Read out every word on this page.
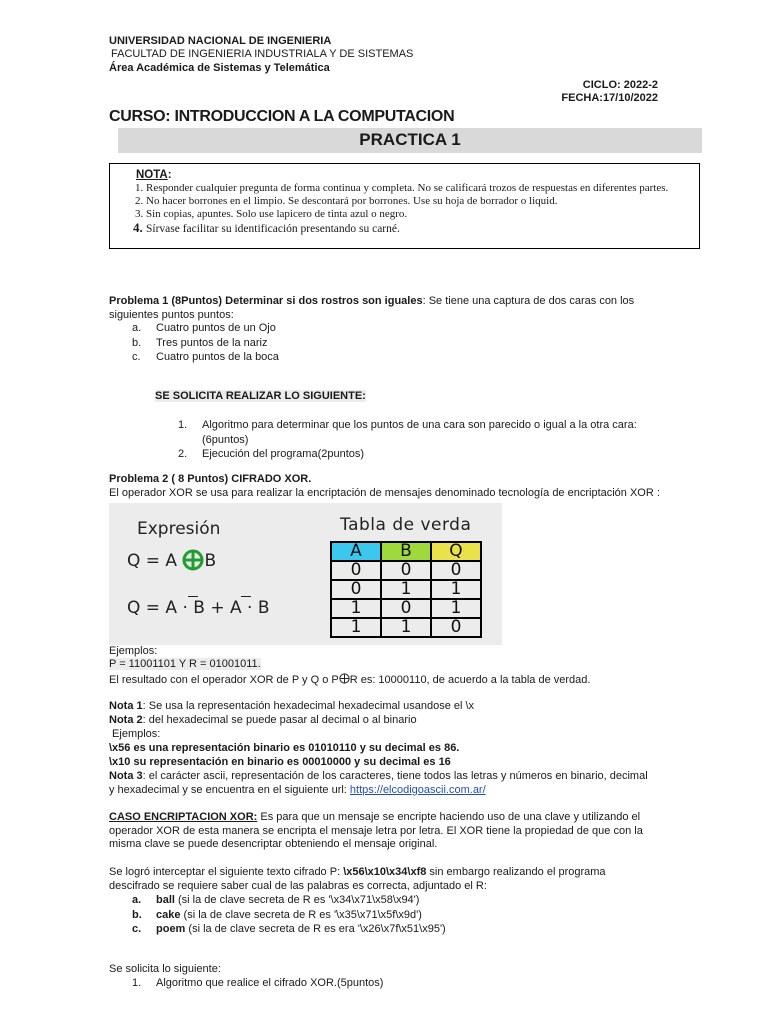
UNIVERSIDAD NACIONAL DE INGENIERIA
FACULTAD DE INGENIERIA INDUSTRIALA Y DE SISTEMAS
Área Académica de Sistemas y Telemática
CICLO: 2022-2
FECHA:17/10/2022
CURSO: INTRODUCCION A LA COMPUTACION
PRACTICA 1
NOTA:
1. Responder cualquier pregunta de forma continua y completa. No se calificará trozos de respuestas en diferentes partes.
2. No hacer borrones en el limpio. Se descontará por borrones. Use su hoja de borrador o liquid.
3. Sin copias, apuntes. Solo use lapicero de tinta azul o negro.
4. Sírvase facilitar su identificación presentando su carné.
Problema 1 (8Puntos) Determinar si dos rostros son iguales: Se tiene una captura de dos caras con los siguientes puntos puntos:
a. Cuatro puntos de un Ojo
b. Tres puntos de la nariz
c. Cuatro puntos de la boca
SE SOLICITA REALIZAR LO SIGUIENTE:
1.	Algoritmo para determinar que los puntos de una cara son parecido o igual a la otra cara: (6puntos)
2.	Ejecución del programa(2puntos)
Problema 2 ( 8 Puntos) CIFRADO XOR.
El operador XOR se usa para realizar la encriptación de mensajes denominado tecnología de encriptación XOR :
Expresión
Q = A B
Q = A · B + A · B
Tabla de verda
A	B	Q
0	0	0
0	1	1
1	0	1
1	1	0
Ejemplos:
P = 11001101 Y R = 01001011.
El resultado con el operador XOR de P y Q o P R es: 10000110, de acuerdo a la tabla de verdad.
Nota 1: Se usa la representación hexadecimal hexadecimal usandose el \x
Nota 2: del hexadecimal se puede pasar al decimal o al binario
Ejemplos:
\x56 es una representación binario es 01010110 y su decimal es 86.
\x10 su representación en binario es 00010000 y su decimal es 16
Nota 3: el carácter ascii, representación de los caracteres, tiene todos las letras y números en binario, decimal y hexadecimal y se encuentra en el siguiente url: https://elcodigoascii.com.ar/
CASO ENCRIPTACION XOR: Es para que un mensaje se encripte haciendo uso de una clave y utilizando el operador XOR de esta manera se encripta el mensaje letra por letra. El XOR tiene la propiedad de que con la misma clave se puede desencriptar obteniendo el mensaje original.
Se logró interceptar el siguiente texto cifrado P: \x56\x10\x34\xf8 sin embargo realizando el programa descifrado se requiere saber cual de las palabras es correcta, adjuntado el R:
a. ball (si la de clave secreta de R es '\x34\x71\x58\x94')
b. cake (si la de clave secreta de R es '\x35\x71\x5f\x9d')
c. poem (si la de clave secreta de R es era '\x26\x7f\x51\x95')
Se solicita lo siguiente:
1. Algoritmo que realice el cifrado XOR.(5puntos)
